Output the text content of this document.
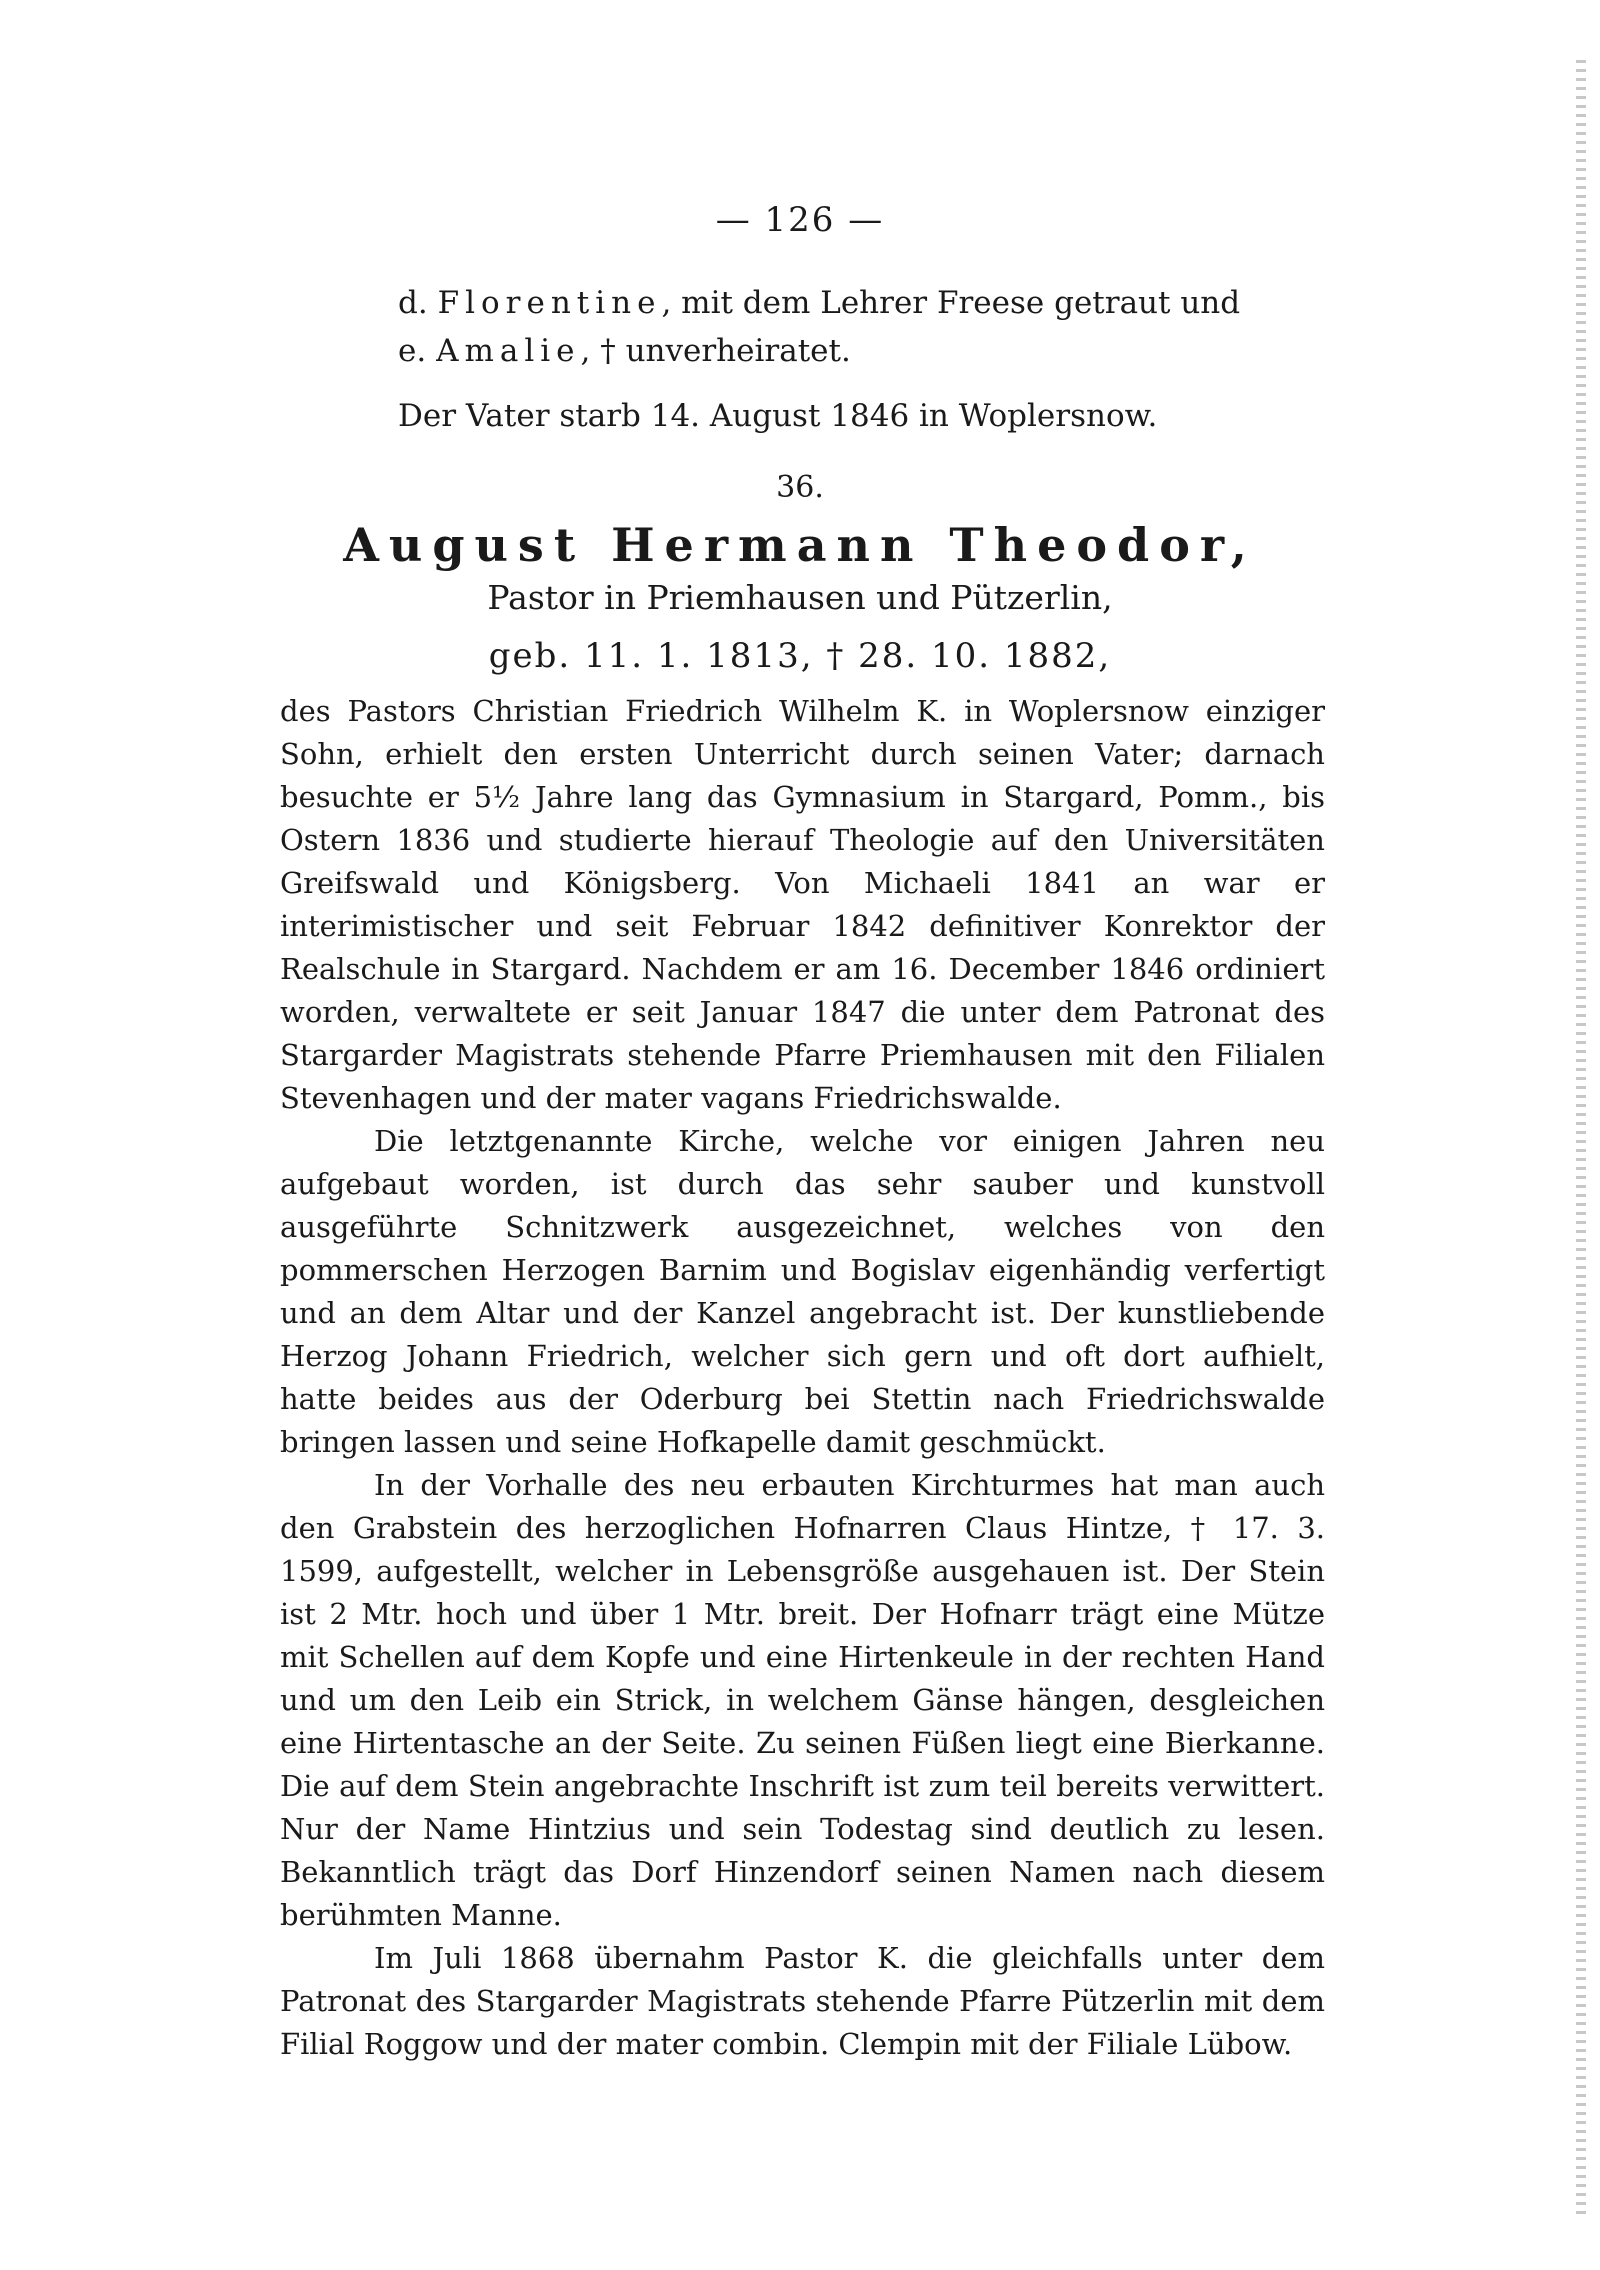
— 126 —
d. Florentine, mit dem Lehrer Freese getraut und
e. Amalie, † unverheiratet.
Der Vater starb 14. August 1846 in Woplersnow.
36.
August Hermann Theodor,
Pastor in Priemhausen und Pützerlin,
geb. 11. 1. 1813, † 28. 10. 1882,

des Pastors Christian Friedrich Wilhelm K. in Woplersnow einziger Sohn, erhielt den ersten Unterricht durch seinen Vater; darnach besuchte er 5½ Jahre lang das Gymnasium in Stargard, Pomm., bis Ostern 1836 und studierte hierauf Theologie auf den Universitäten Greifswald und Königsberg. Von Michaeli 1841 an war er interimistischer und seit Februar 1842 definitiver Konrektor der Realschule in Stargard. Nachdem er am 16. December 1846 ordiniert worden, verwaltete er seit Januar 1847 die unter dem Patronat des Stargarder Magistrats stehende Pfarre Priemhausen mit den Filialen Stevenhagen und der mater vagans Friedrichswalde.

Die letztgenannte Kirche, welche vor einigen Jahren neu aufgebaut worden, ist durch das sehr sauber und kunstvoll ausgeführte Schnitzwerk ausgezeichnet, welches von den pommerschen Herzogen Barnim und Bogislav eigenhändig verfertigt und an dem Altar und der Kanzel angebracht ist. Der kunstliebende Herzog Johann Friedrich, welcher sich gern und oft dort aufhielt, hatte beides aus der Oderburg bei Stettin nach Friedrichswalde bringen lassen und seine Hofkapelle damit geschmückt.

In der Vorhalle des neu erbauten Kirchturmes hat man auch den Grabstein des herzoglichen Hofnarren Claus Hintze, † 17. 3. 1599, aufgestellt, welcher in Lebensgröße ausgehauen ist. Der Stein ist 2 Mtr. hoch und über 1 Mtr. breit. Der Hofnarr trägt eine Mütze mit Schellen auf dem Kopfe und eine Hirtenkeule in der rechten Hand und um den Leib ein Strick, in welchem Gänse hängen, desgleichen eine Hirtentasche an der Seite. Zu seinen Füßen liegt eine Bierkanne. Die auf dem Stein angebrachte Inschrift ist zum teil bereits verwittert. Nur der Name Hintzius und sein Todestag sind deutlich zu lesen. Bekanntlich trägt das Dorf Hinzendorf seinen Namen nach diesem berühmten Manne.

Im Juli 1868 übernahm Pastor K. die gleichfalls unter dem Patronat des Stargarder Magistrats stehende Pfarre Pützerlin mit dem Filial Roggow und der mater combin. Clempin mit der Filiale Lübow.
